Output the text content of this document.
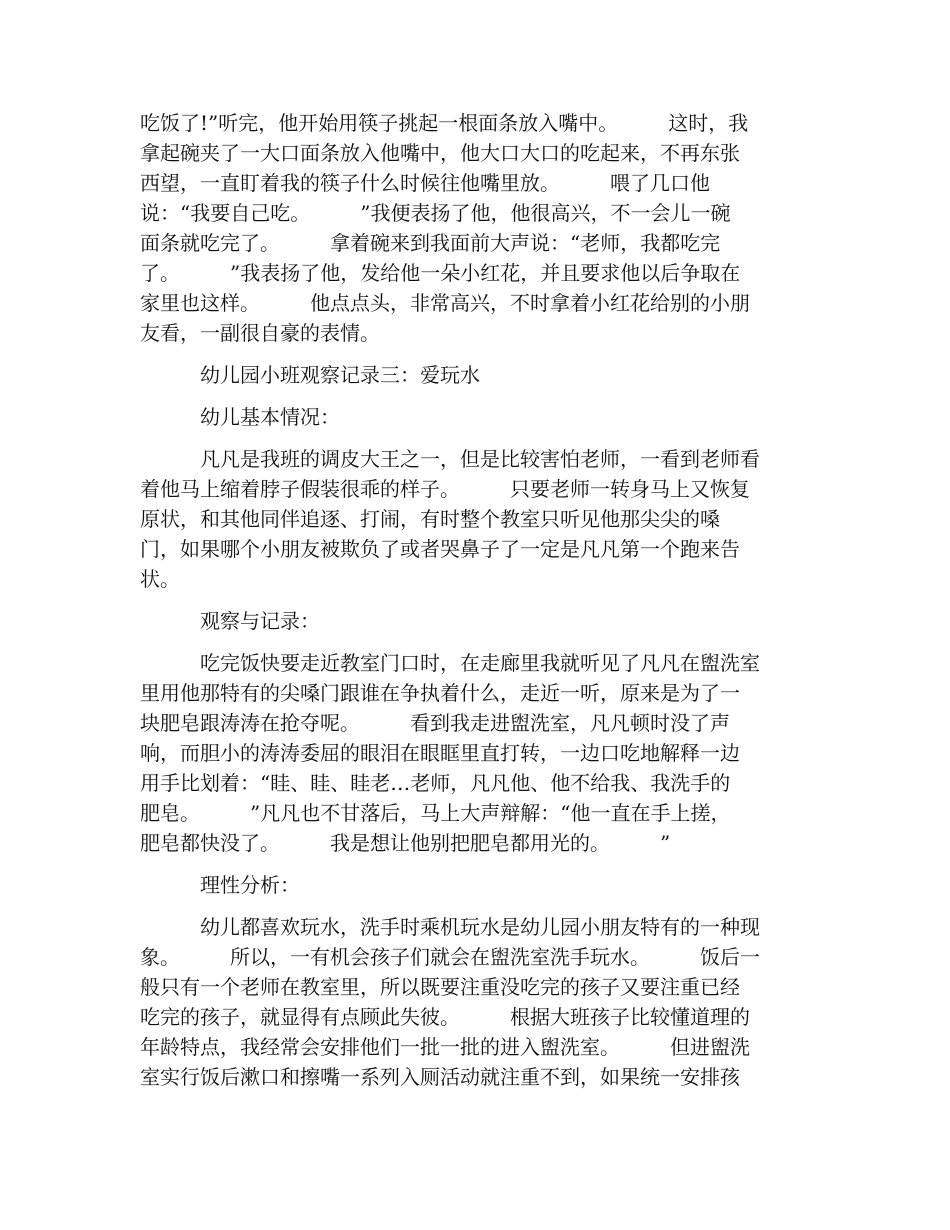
吃饭了!”听完，他开始用筷子挑起一根面条放入嘴中。　　　这时，我
拿起碗夹了一大口面条放入他嘴中，他大口大口的吃起来，不再东张
西望，一直盯着我的筷子什么时候往他嘴里放。　　　喂了几口他
说：“我要自己吃。　　　”我便表扬了他，他很高兴，不一会儿一碗
面条就吃完了。　　　拿着碗来到我面前大声说：“老师，我都吃完
了。　　　”我表扬了他，发给他一朵小红花，并且要求他以后争取在
家里也这样。　　　他点点头，非常高兴，不时拿着小红花给别的小朋
友看，一副很自豪的表情。
　　　幼儿园小班观察记录三：爱玩水
　　　幼儿基本情况：
　　　凡凡是我班的调皮大王之一，但是比较害怕老师，一看到老师看
着他马上缩着脖子假装很乖的样子。　　　只要老师一转身马上又恢复
原状，和其他同伴追逐、打闹，有时整个教室只听见他那尖尖的嗓
门，如果哪个小朋友被欺负了或者哭鼻子了一定是凡凡第一个跑来告
状。
　　　观察与记录：
　　　吃完饭快要走近教室门口时，在走廊里我就听见了凡凡在盥洗室
里用他那特有的尖嗓门跟谁在争执着什么，走近一听，原来是为了一
块肥皂跟涛涛在抢夺呢。　　　看到我走进盥洗室，凡凡顿时没了声
响，而胆小的涛涛委屈的眼泪在眼眶里直打转，一边口吃地解释一边
用手比划着：“眭、眭、眭老…老师，凡凡他、他不给我、我洗手的
肥皂。　　　”凡凡也不甘落后，马上大声辩解：“他一直在手上搓，
肥皂都快没了。　　　我是想让他别把肥皂都用光的。　　　”
　　　理性分析：
　　　幼儿都喜欢玩水，洗手时乘机玩水是幼儿园小朋友特有的一种现
象。　　　所以，一有机会孩子们就会在盥洗室洗手玩水。　　　饭后一
般只有一个老师在教室里，所以既要注重没吃完的孩子又要注重已经
吃完的孩子，就显得有点顾此失彼。　　　根据大班孩子比较懂道理的
年龄特点，我经常会安排他们一批一批的进入盥洗室。　　　但进盥洗
室实行饭后漱口和擦嘴一系列入厕活动就注重不到，如果统一安排孩
